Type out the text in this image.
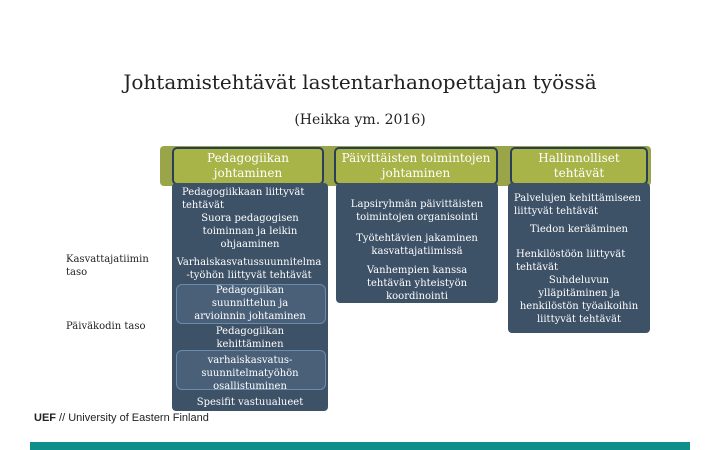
Johtamistehtävät lastentarhanopettajan työssä
(Heikka ym. 2016)
Pedagogiikan
johtaminen
Päivittäisten toimintojen
johtaminen
Hallinnolliset
tehtävät
Pedagogiikkaan liittyvät
tehtävät
Suora pedagogisen
toiminnan ja leikin
ohjaaminen
Varhaiskasvatussuunnitelma
-työhön liittyvät tehtävät
Pedagogiikan
suunnittelun ja
arvioinnin johtaminen
Pedagogiikan
kehittäminen
varhaiskasvatus-
suunnitelmatyöhön
osallistuminen
Spesifit vastuualueet
Lapsiryhmän päivittäisten
toimintojen organisointi
Työtehtävien jakaminen
kasvattajatiimissä
Vanhempien kanssa
tehtävän yhteistyön
koordinointi
Palvelujen kehittämiseen
liittyvät tehtävät
Tiedon kerääminen
Henkilöstöön liittyvät
tehtävät
Suhdeluvun
ylläpitäminen ja
henkilöstön työaikoihin
liittyvät tehtävät
Kasvattajatiimin
taso
Päiväkodin taso
UEF // University of Eastern Finland
